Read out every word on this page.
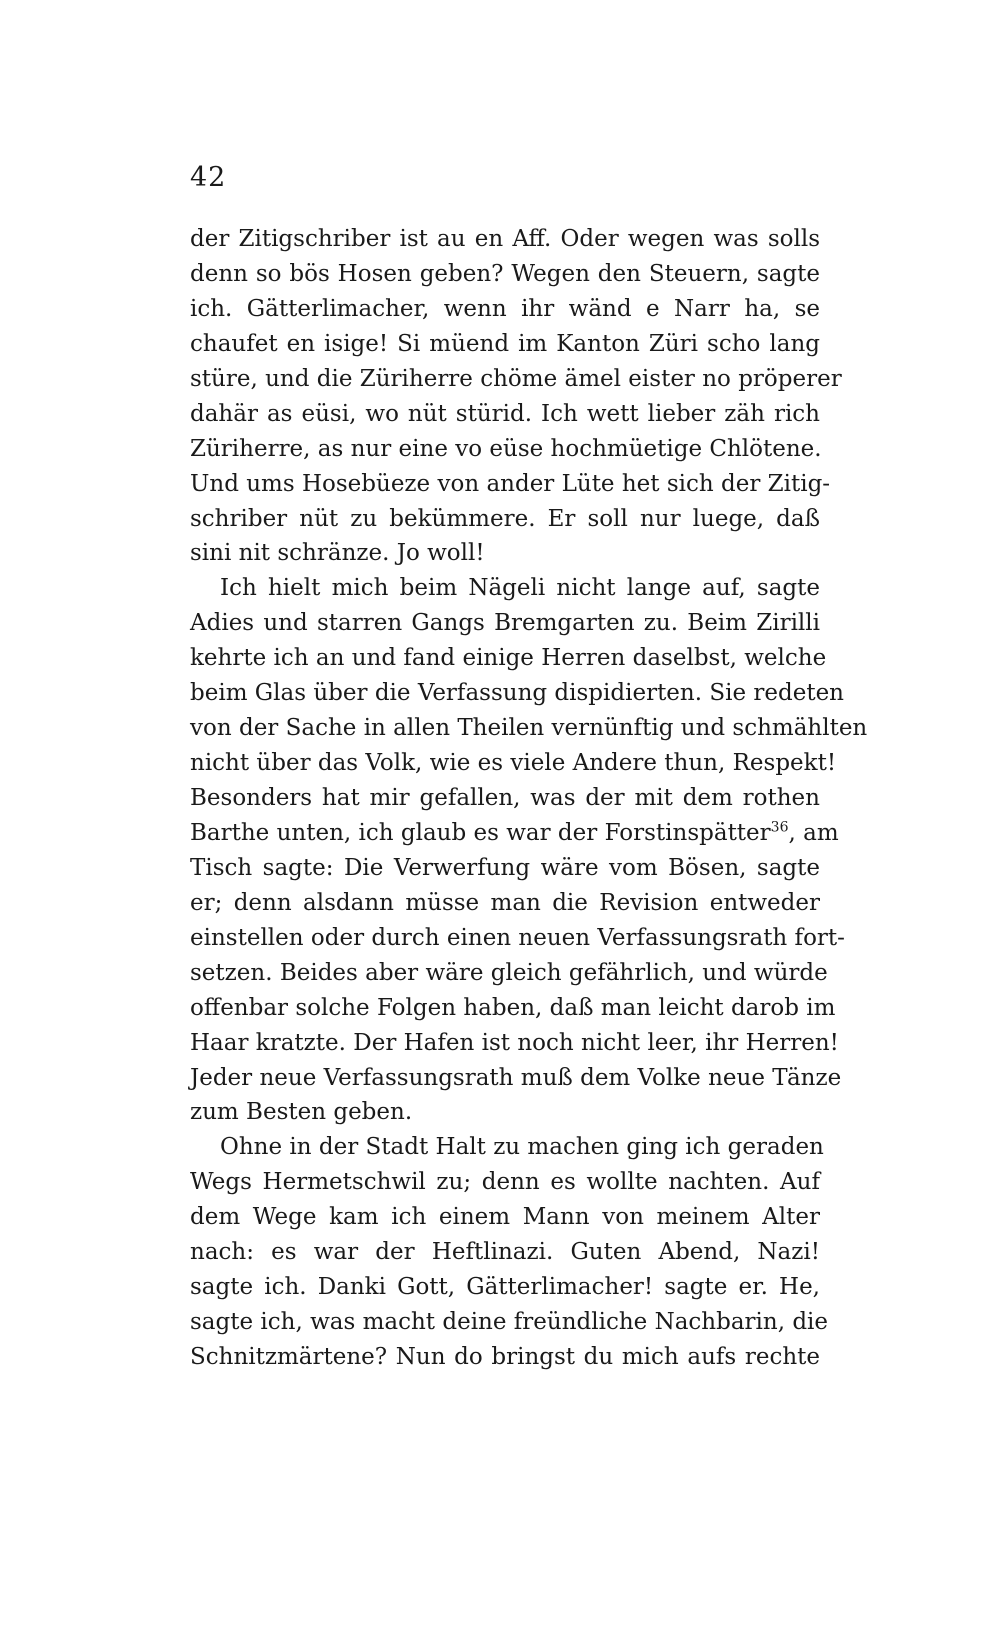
42
der Zitigschriber ist au en Aff. Oder wegen was solls
denn so bös Hosen geben? Wegen den Steuern, sagte
ich. Gätterlimacher, wenn ihr wänd e Narr ha, se
chaufet en isige! Si müend im Kanton Züri scho lang
stüre, und die Züriherre chöme ämel eister no pröperer
dahär as eüsi, wo nüt stürid. Ich wett lieber zäh rich
Züriherre, as nur eine vo eüse hochmüetige Chlötene.
Und ums Hosebüeze von ander Lüte het sich der Zitig-
schriber nüt zu bekümmere. Er soll nur luege, daß
sini nit schränze. Jo woll!
Ich hielt mich beim Nägeli nicht lange auf, sagte
Adies und starren Gangs Bremgarten zu. Beim Zirilli
kehrte ich an und fand einige Herren daselbst, welche
beim Glas über die Verfassung dispidierten. Sie redeten
von der Sache in allen Theilen vernünftig und schmählten
nicht über das Volk, wie es viele Andere thun, Respekt!
Besonders hat mir gefallen, was der mit dem rothen
Barthe unten, ich glaub es war der Forstinspätter$^{36}$, am
Tisch sagte: Die Verwerfung wäre vom Bösen, sagte
er; denn alsdann müsse man die Revision entweder
einstellen oder durch einen neuen Verfassungsrath fort-
setzen. Beides aber wäre gleich gefährlich, und würde
offenbar solche Folgen haben, daß man leicht darob im
Haar kratzte. Der Hafen ist noch nicht leer, ihr Herren!
Jeder neue Verfassungsrath muß dem Volke neue Tänze
zum Besten geben.
Ohne in der Stadt Halt zu machen ging ich geraden
Wegs Hermetschwil zu; denn es wollte nachten. Auf
dem Wege kam ich einem Mann von meinem Alter
nach: es war der Heftlinazi. Guten Abend, Nazi!
sagte ich. Danki Gott, Gätterlimacher! sagte er. He,
sagte ich, was macht deine freündliche Nachbarin, die
Schnitzmärtene? Nun do bringst du mich aufs rechte
